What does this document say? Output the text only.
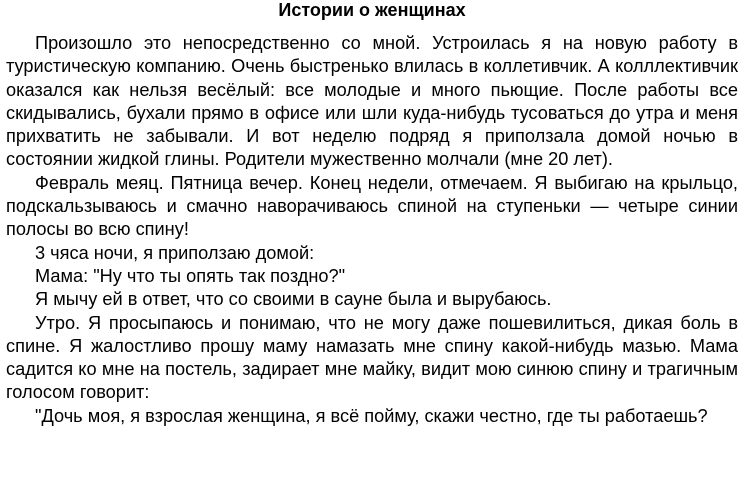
Истории о женщинах

Произошло это непосредственно со мной. Устроилась я на новую работу в туристическую компанию. Очень быстренько влилась в коллетивчик. А колллективчик оказался как нельзя весёлый: все молодые и много пьющие. После работы все скидывались, бухали прямо в офисе или шли куда-нибудь тусоваться до утра и меня прихватить не забывали. И вот неделю подряд я приползала домой ночью в состоянии жидкой глины. Родители мужественно молчали (мне 20 лет).

Февраль меяц. Пятница вечер. Конец недели, отмечаем. Я выбигаю на крыльцо, подскальзываюсь и смачно наворачиваюсь спиной на ступеньки — четыре синии полосы во всю спину!

3 чяса ночи, я приползаю домой:

Мама: "Ну что ты опять так поздно?"

Я мычу ей в ответ, что со своими в сауне была и вырубаюсь.

Утро. Я просыпаюсь и понимаю, что не могу даже пошевилиться, дикая боль в спине. Я жалостливо прошу маму намазать мне спину какой-нибудь мазью. Мама садится ко мне на постель, задирает мне майку, видит мою синюю спину и трагичным голосом говорит:

"Дочь моя, я взрослая женщина, я всё пойму, скажи честно, где ты работаешь?
